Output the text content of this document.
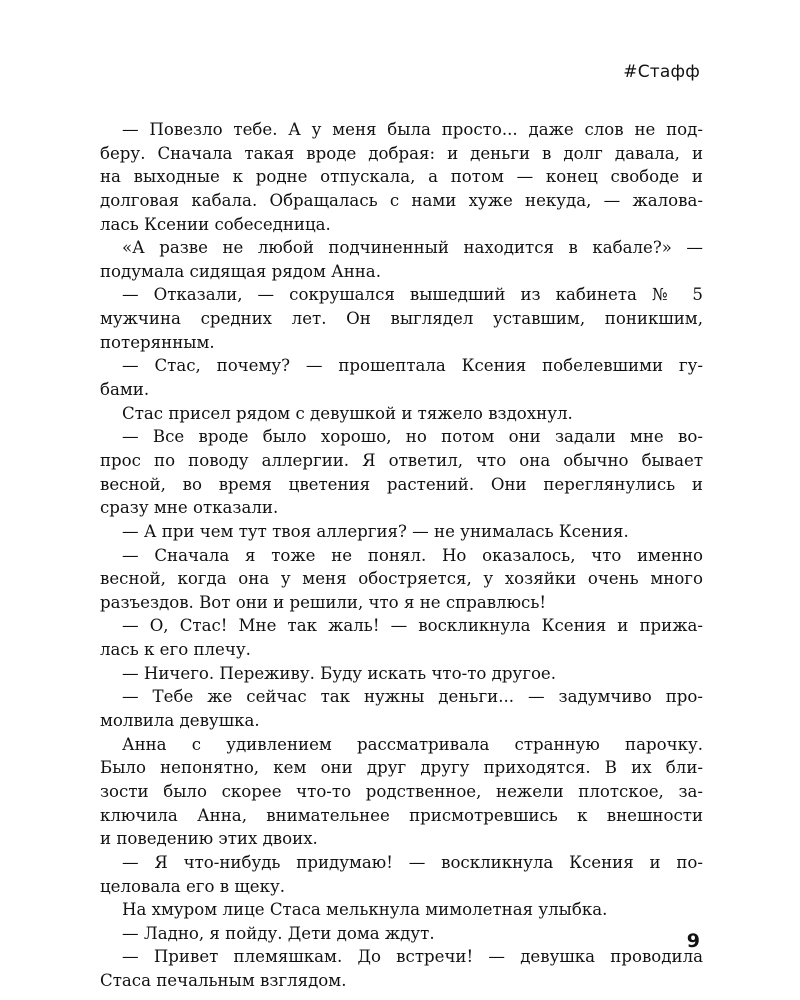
#Стафф
— Повезло тебе. А у меня была просто... даже слов не под-
беру. Сначала такая вроде добрая: и деньги в долг давала, и
на выходные к родне отпускала, а потом — конец свободе и
долговая кабала. Обращалась с нами хуже некуда, — жалова-
лась Ксении собеседница.
«А разве не любой подчиненный находится в кабале?» —
подумала сидящая рядом Анна.
— Отказали, — сокрушался вышедший из кабинета № 5
мужчина средних лет. Он выглядел уставшим, поникшим,
потерянным.
— Стас, почему? — прошептала Ксения побелевшими гу-
бами.
Стас присел рядом с девушкой и тяжело вздохнул.
— Все вроде было хорошо, но потом они задали мне во-
прос по поводу аллергии. Я ответил, что она обычно бывает
весной, во время цветения растений. Они переглянулись и
сразу мне отказали.
— А при чем тут твоя аллергия? — не унималась Ксения.
— Сначала я тоже не понял. Но оказалось, что именно
весной, когда она у меня обостряется, у хозяйки очень много
разъездов. Вот они и решили, что я не справлюсь!
— О, Стас! Мне так жаль! — воскликнула Ксения и прижа-
лась к его плечу.
— Ничего. Переживу. Буду искать что-то другое.
— Тебе же сейчас так нужны деньги... — задумчиво про-
молвила девушка.
Анна с удивлением рассматривала странную парочку.
Было непонятно, кем они друг другу приходятся. В их бли-
зости было скорее что-то родственное, нежели плотское, за-
ключила Анна, внимательнее присмотревшись к внешности
и поведению этих двоих.
— Я что-нибудь придумаю! — воскликнула Ксения и по-
целовала его в щеку.
На хмуром лице Стаса мелькнула мимолетная улыбка.
— Ладно, я пойду. Дети дома ждут.
— Привет племяшкам. До встречи! — девушка проводила
Стаса печальным взглядом.
9
